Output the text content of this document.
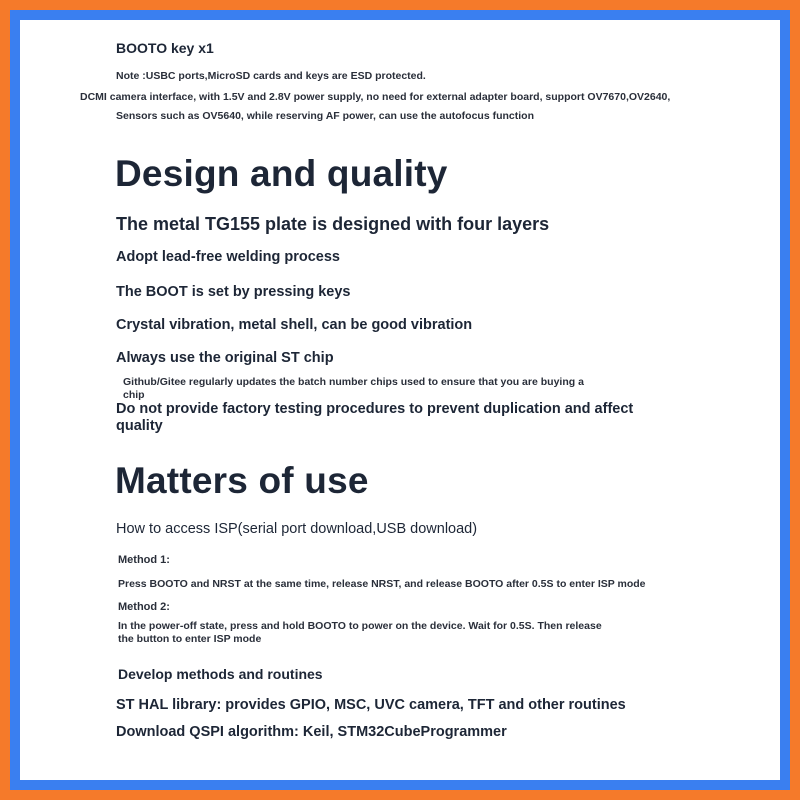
BOOTO key x1
Note :USBC ports,MicroSD cards and keys are ESD protected.
DCMI camera interface, with 1.5V and 2.8V power supply, no need for external adapter board, support OV7670,OV2640,
Sensors such as OV5640, while reserving AF power, can use the autofocus function
Design and quality
The metal TG155 plate is designed with four layers
Adopt lead-free welding process
The BOOT is set by pressing keys
Crystal vibration, metal shell, can be good vibration
Always use the original ST chip
Github/Gitee regularly updates the batch number chips used to ensure that you are buying a chip
Do not provide factory testing procedures to prevent duplication and affect quality
Matters of use
How to access ISP(serial port download,USB download)
Method 1:
Press BOOTO and NRST at the same time, release NRST, and release BOOTO after 0.5S to enter ISP mode
Method 2:
In the power-off state, press and hold BOOTO to power on the device. Wait for 0.5S. Then release the button to enter ISP mode
Develop methods and routines
ST HAL library: provides GPIO, MSC, UVC camera, TFT and other routines
Download QSPI algorithm: Keil, STM32CubeProgrammer
